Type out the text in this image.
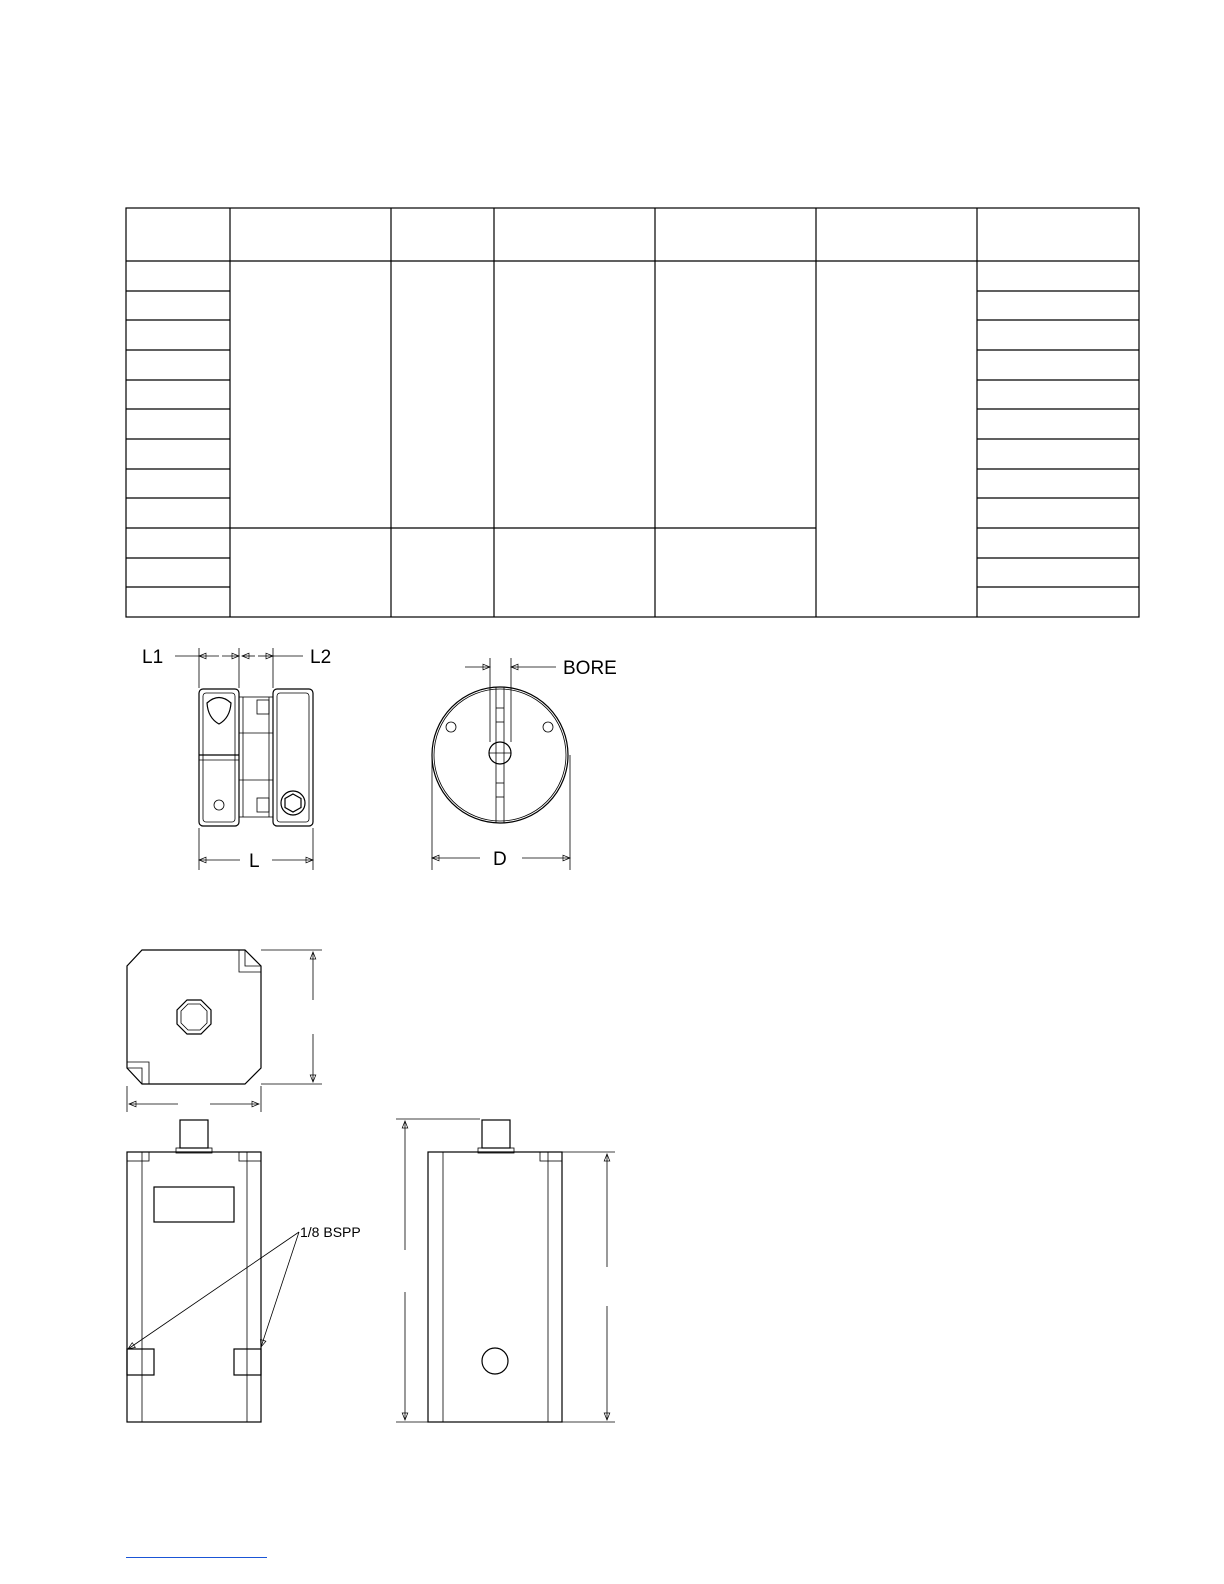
L1	L2
L
BORE
D
1/8 BSPP
